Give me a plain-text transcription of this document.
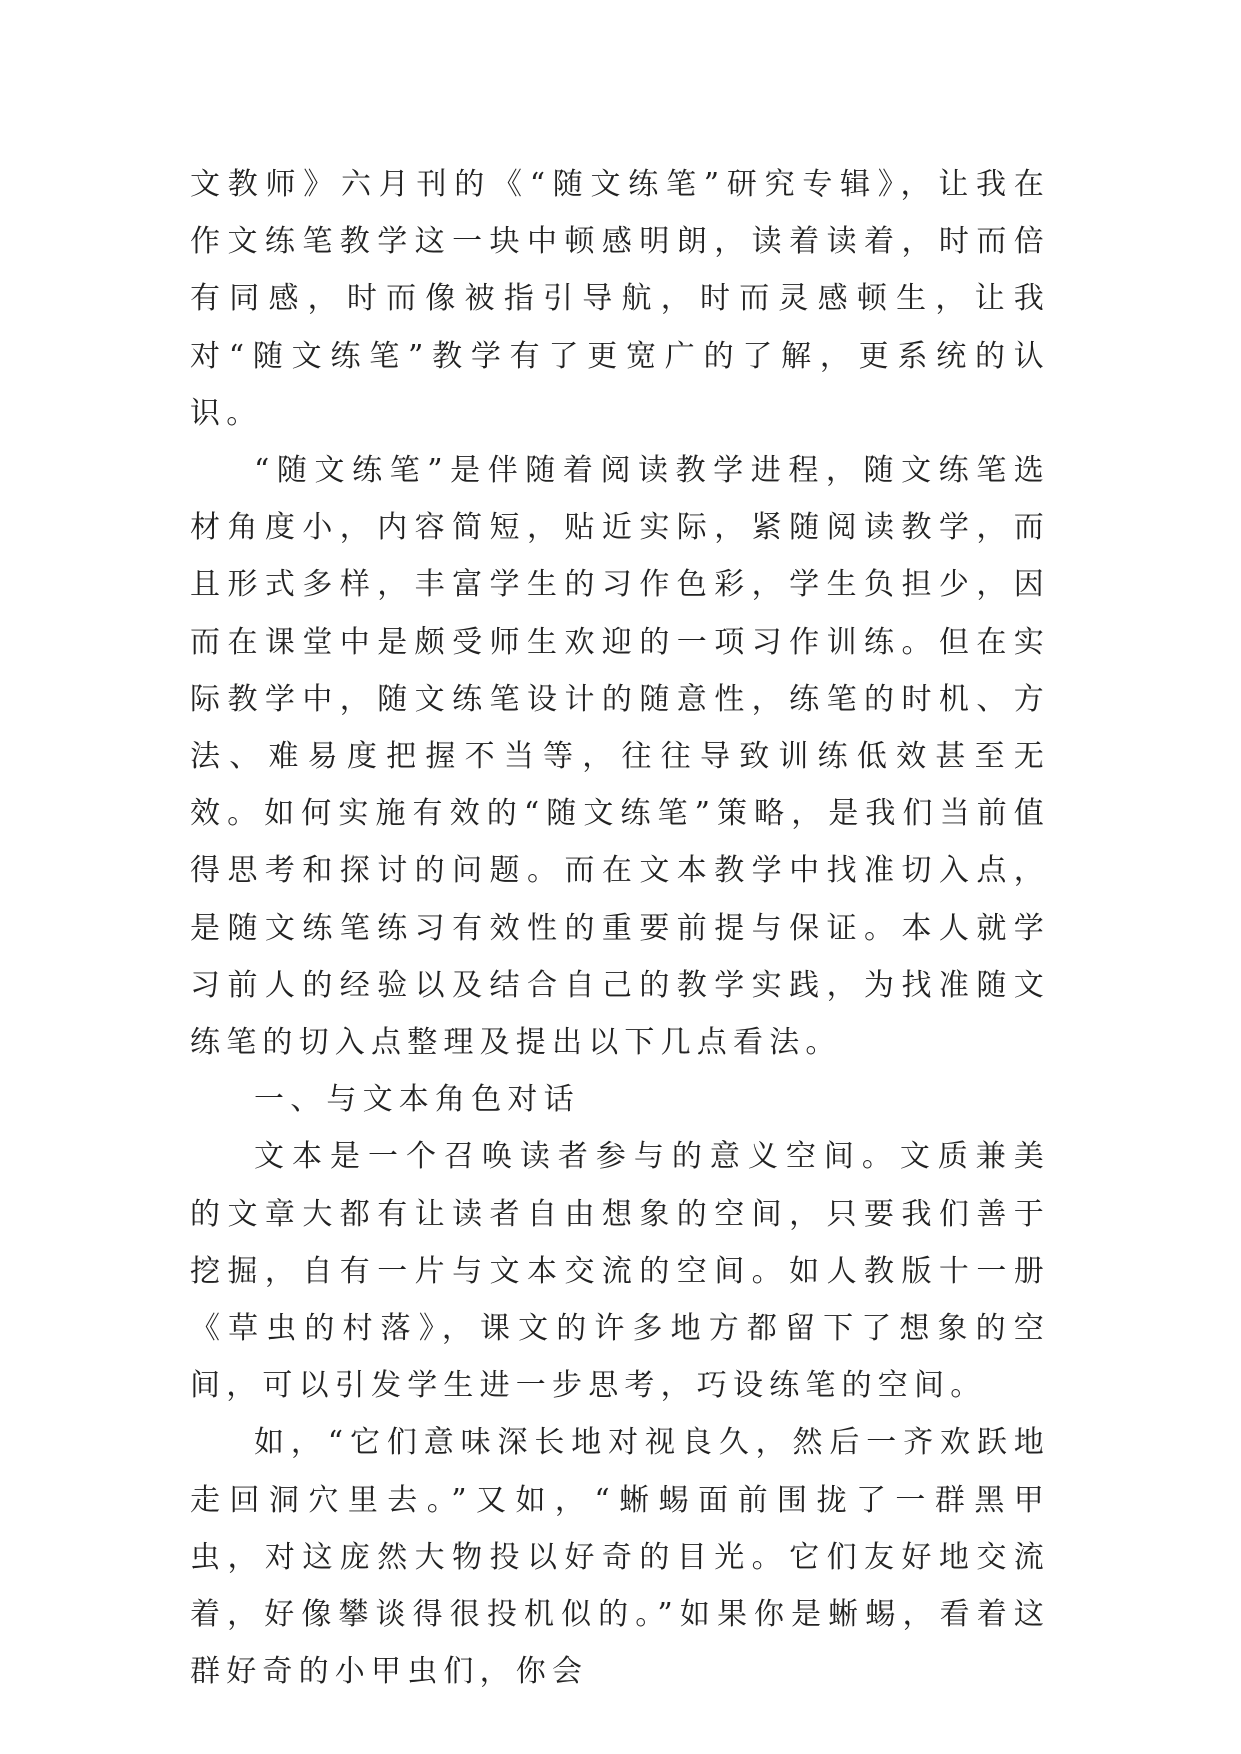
文教师》六月刊的《“随文练笔”研究专辑》，让我在作文练笔教学这一块中顿感明朗，读着读着，时而倍有同感，时而像被指引导航，时而灵感顿生，让我对“随文练笔”教学有了更宽广的了解，更系统的认识。

“随文练笔”是伴随着阅读教学进程，随文练笔选材角度小，内容简短，贴近实际，紧随阅读教学，而且形式多样，丰富学生的习作色彩，学生负担少，因而在课堂中是颇受师生欢迎的一项习作训练。但在实际教学中，随文练笔设计的随意性，练笔的时机、方法、难易度把握不当等，往往导致训练低效甚至无效。如何实施有效的“随文练笔”策略，是我们当前值得思考和探讨的问题。而在文本教学中找准切入点，是随文练笔练习有效性的重要前提与保证。本人就学习前人的经验以及结合自己的教学实践，为找准随文练笔的切入点整理及提出以下几点看法。

一、与文本角色对话

文本是一个召唤读者参与的意义空间。文质兼美的文章大都有让读者自由想象的空间，只要我们善于挖掘，自有一片与文本交流的空间。如人教版十一册《草虫的村落》，课文的许多地方都留下了想象的空间，可以引发学生进一步思考，巧设练笔的空间。

如，“它们意味深长地对视良久，然后一齐欢跃地走回洞穴里去。”又如，“蜥蜴面前围拢了一群黑甲虫，对这庞然大物投以好奇的目光。它们友好地交流着，好像攀谈得很投机似的。”如果你是蜥蜴，看着这群好奇的小甲虫们，你会
